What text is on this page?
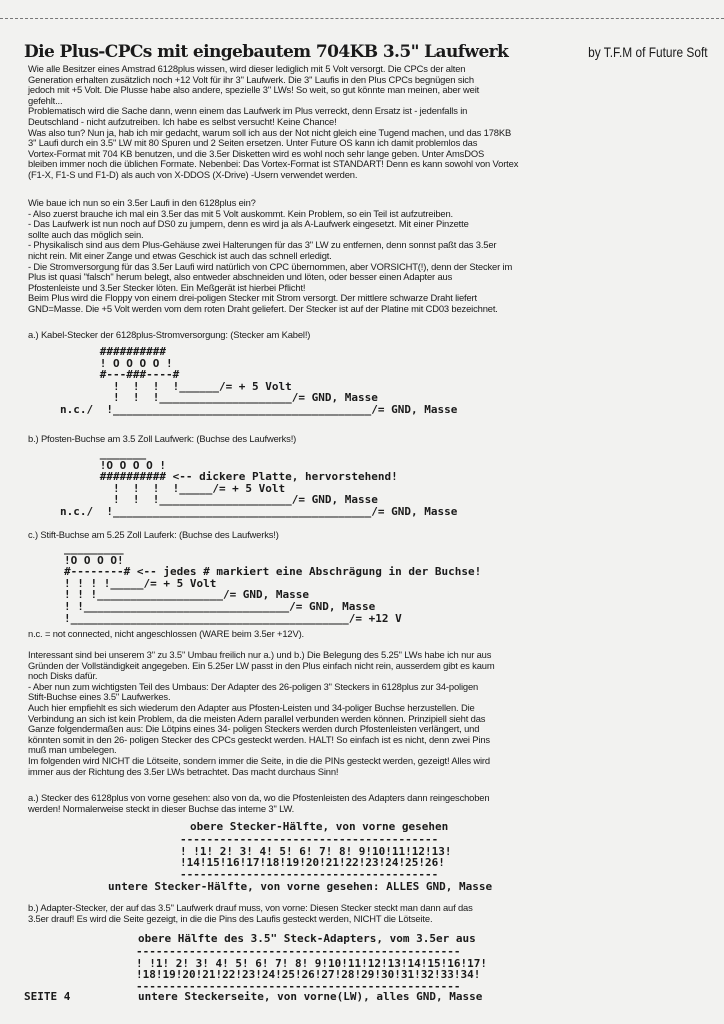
Die Plus-CPCs mit eingebautem 704KB 3.5" Laufwerk	by T.F.M of Future Soft
Wie alle Besitzer eines Amstrad 6128plus wissen, wird dieser lediglich mit 5 Volt versorgt. Die CPCs der alten
Generation erhalten zusätzlich noch +12 Volt für ihr 3" Laufwerk. Die 3" Laufis in den Plus CPCs begnügen sich
jedoch mit +5 Volt. Die Plusse habe also andere, spezielle 3" LWs! So weit, so gut könnte man meinen, aber weit
gefehlt...
Problematisch wird die Sache dann, wenn einem das Laufwerk im Plus verreckt, denn Ersatz ist - jedenfalls in
Deutschland - nicht aufzutreiben. Ich habe es selbst versucht! Keine Chance!
Was also tun? Nun ja, hab ich mir gedacht, warum soll ich aus der Not nicht gleich eine Tugend machen, und das 178KB
3" Laufi durch ein 3.5" LW mit 80 Spuren und 2 Seiten ersetzen. Unter Future OS kann ich damit problemlos das
Vortex-Format mit 704 KB benutzen, und die 3.5er Disketten wird es wohl noch sehr lange geben. Unter AmsDOS
bleiben immer noch die üblichen Formate. Nebenbei: Das Vortex-Format ist STANDART! Denn es kann sowohl von Vortex
(F1-X, F1-S und F1-D) als auch von X-DDOS (X-Drive) -Usern verwendet werden.
Wie baue ich nun so ein 3.5er Laufi in den 6128plus ein?
- Also zuerst brauche ich mal ein 3.5er das mit 5 Volt auskommt. Kein Problem, so ein Teil ist aufzutreiben.
- Das Laufwerk ist nun noch auf DS0 zu jumpern, denn es wird ja als A-Laufwerk eingesetzt. Mit einer Pinzette
sollte auch das möglich sein.
- Physikalisch sind aus dem Plus-Gehäuse zwei Halterungen für das 3" LW zu entfernen, denn sonnst paßt das 3.5er
nicht rein. Mit einer Zange und etwas Geschick ist auch das schnell erledigt.
- Die Stromversorgung für das 3.5er Laufi wird natürlich von CPC übernommen, aber VORSICHT(!), denn der Stecker im
Plus ist quasi "falsch" herum belegt, also entweder abschneiden und löten, oder besser einen Adapter aus
Pfostenleiste und 3.5er Stecker löten. Ein Meßgerät ist hierbei Pflicht!
Beim Plus wird die Floppy von einem drei-poligen Stecker mit Strom versorgt. Der mittlere schwarze Draht liefert
GND=Masse. Die +5 Volt werden vom dem roten Draht geliefert. Der Stecker ist auf der Platine mit CD03 bezeichnet.
a.) Kabel-Stecker der 6128plus-Stromversorgung: (Stecker am Kabel!)
##########
! O O O O !
#---###----#
!  !  !  !______/= + 5 Volt
!  !  !____________________/= GND, Masse
n.c./  !_______________________________________/= GND, Masse
b.) Pfosten-Buchse am 3.5 Zoll Laufwerk: (Buchse des Laufwerks!)
_______
!O O O O !
########## <-- dickere Platte, hervorstehend!
!  !  !  !_____/= + 5 Volt
!  !  !____________________/= GND, Masse
n.c./  !_______________________________________/= GND, Masse
c.) Stift-Buchse am 5.25 Zoll Lauferk: (Buchse des Laufwerks!)
_________
!O O O O!
#--------# <-- jedes # markiert eine Abschrägung in der Buchse!
! ! ! !_____/= + 5 Volt
! ! !___________________/= GND, Masse
! !_______________________________/= GND, Masse
!__________________________________________/= +12 V
n.c. = not connected, nicht angeschlossen (WARE beim 3.5er +12V).
Interessant sind bei unserem 3" zu 3.5" Umbau freilich nur a.) und b.) Die Belegung des 5.25" LWs habe ich nur aus
Gründen der Vollständigkeit angegeben. Ein 5.25er LW passt in den Plus einfach nicht rein, ausserdem gibt es kaum
noch Disks dafür.
- Aber nun zum wichtigsten Teil des Umbaus: Der Adapter des 26-poligen 3" Steckers in 6128plus zur 34-poligen
Stift-Buchse eines 3.5" Laufwerkes.
Auch hier empfiehlt es sich wiederum den Adapter aus Pfosten-Leisten und 34-poliger Buchse herzustellen. Die
Verbindung an sich ist kein Problem, da die meisten Adern parallel verbunden werden können. Prinzipiell sieht das
Ganze folgendermaßen aus: Die Lötpins eines 34- poligen Steckers werden durch Pfostenleisten verlängert, und
könnten somit in den 26- poligen Stecker des CPCs gesteckt werden. HALT! So einfach ist es nicht, denn zwei Pins
muß man umbelegen.
Im folgenden wird NICHT die Lötseite, sondern immer die Seite, in die die PINs gesteckt werden, gezeigt! Alles wird
immer aus der Richtung des 3.5er LWs betrachtet. Das macht durchaus Sinn!
a.) Stecker des 6128plus von vorne gesehen: also von da, wo die Pfostenleisten des Adapters dann reingeschoben
werden! Normalerweise steckt in dieser Buchse das interne 3" LW.
obere Stecker-Hälfte, von vorne gesehen
---------------------------------------
! !1! 2! 3! 4! 5! 6! 7! 8! 9!10!11!12!13!
!14!15!16!17!18!19!20!21!22!23!24!25!26!
---------------------------------------
untere Stecker-Hälfte, von vorne gesehen: ALLES GND, Masse
b.) Adapter-Stecker, der auf das 3.5" Laufwerk drauf muss, von vorne: Diesen Stecker steckt man dann auf das
3.5er drauf! Es wird die Seite gezeigt, in die die Pins des Laufis gesteckt werden, NICHT die Lötseite.
obere Hälfte des 3.5" Steck-Adapters, vom 3.5er aus
-------------------------------------------------
! !1! 2! 3! 4! 5! 6! 7! 8! 9!10!11!12!13!14!15!16!17!
!18!19!20!21!22!23!24!25!26!27!28!29!30!31!32!33!34!
-------------------------------------------------
untere Steckerseite, von vorne(LW), alles GND, Masse
SEITE 4
